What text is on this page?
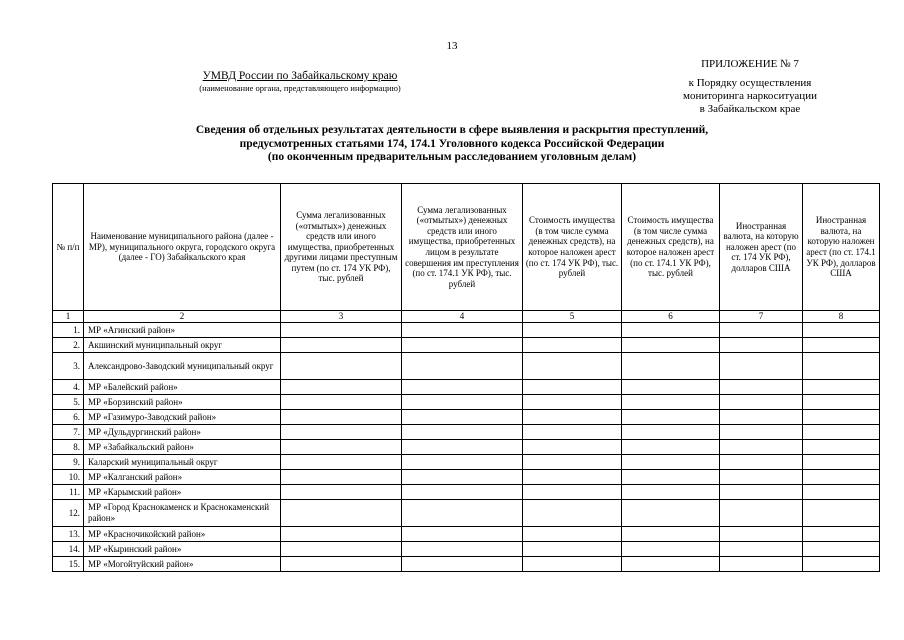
13
УМВД России по Забайкальскому краю
(наименование органа, представляющего информацию)
ПРИЛОЖЕНИЕ № 7
к Порядку осуществления
мониторинга наркоситуации
в Забайкальском крае
Сведения об отдельных результатах деятельности в сфере выявления и раскрытия преступлений,
предусмотренных статьями 174, 174.1 Уголовного кодекса Российской Федерации
(по оконченным предварительным расследованием уголовным делам)
№ п/п	Наименование муниципального района (далее - МР), муниципального округа, городского округа (далее - ГО) Забайкальского края	Сумма легализованных («отмытых») денежных средств или иного имущества, приобретенных другими лицами преступным путем (по ст. 174 УК РФ), тыс. рублей	Сумма легализованных («отмытых») денежных средств или иного имущества, приобретенных лицом в результате совершения им преступления (по ст. 174.1 УК РФ), тыс. рублей	Стоимость имущества (в том числе сумма денежных средств), на которое наложен арест (по ст. 174 УК РФ), тыс. рублей	Стоимость имущества (в том числе сумма денежных средств), на которое наложен арест (по ст. 174.1 УК РФ), тыс. рублей	Иностранная валюта, на которую наложен арест (по ст. 174 УК РФ), долларов США	Иностранная валюта, на которую наложен арест (по ст. 174.1 УК РФ), долларов США
1	2	3	4	5	6	7	8
1.	МР «Агинский район»						
2.	Акшинский муниципальный округ						
3.	Александрово-Заводский муниципальный округ						
4.	МР «Балейский район»						
5.	МР «Борзинский район»						
6.	МР «Газимуро-Заводский район»						
7.	МР «Дульдургинский район»						
8.	МР «Забайкальский район»						
9.	Каларский муниципальный округ						
10.	МР «Калганский район»						
11.	МР «Карымский район»						
12.	МР «Город Краснокаменск и Краснокаменский район»						
13.	МР «Красночикойский район»						
14.	МР «Кыринский район»						
15.	МР «Могойтуйский район»						
